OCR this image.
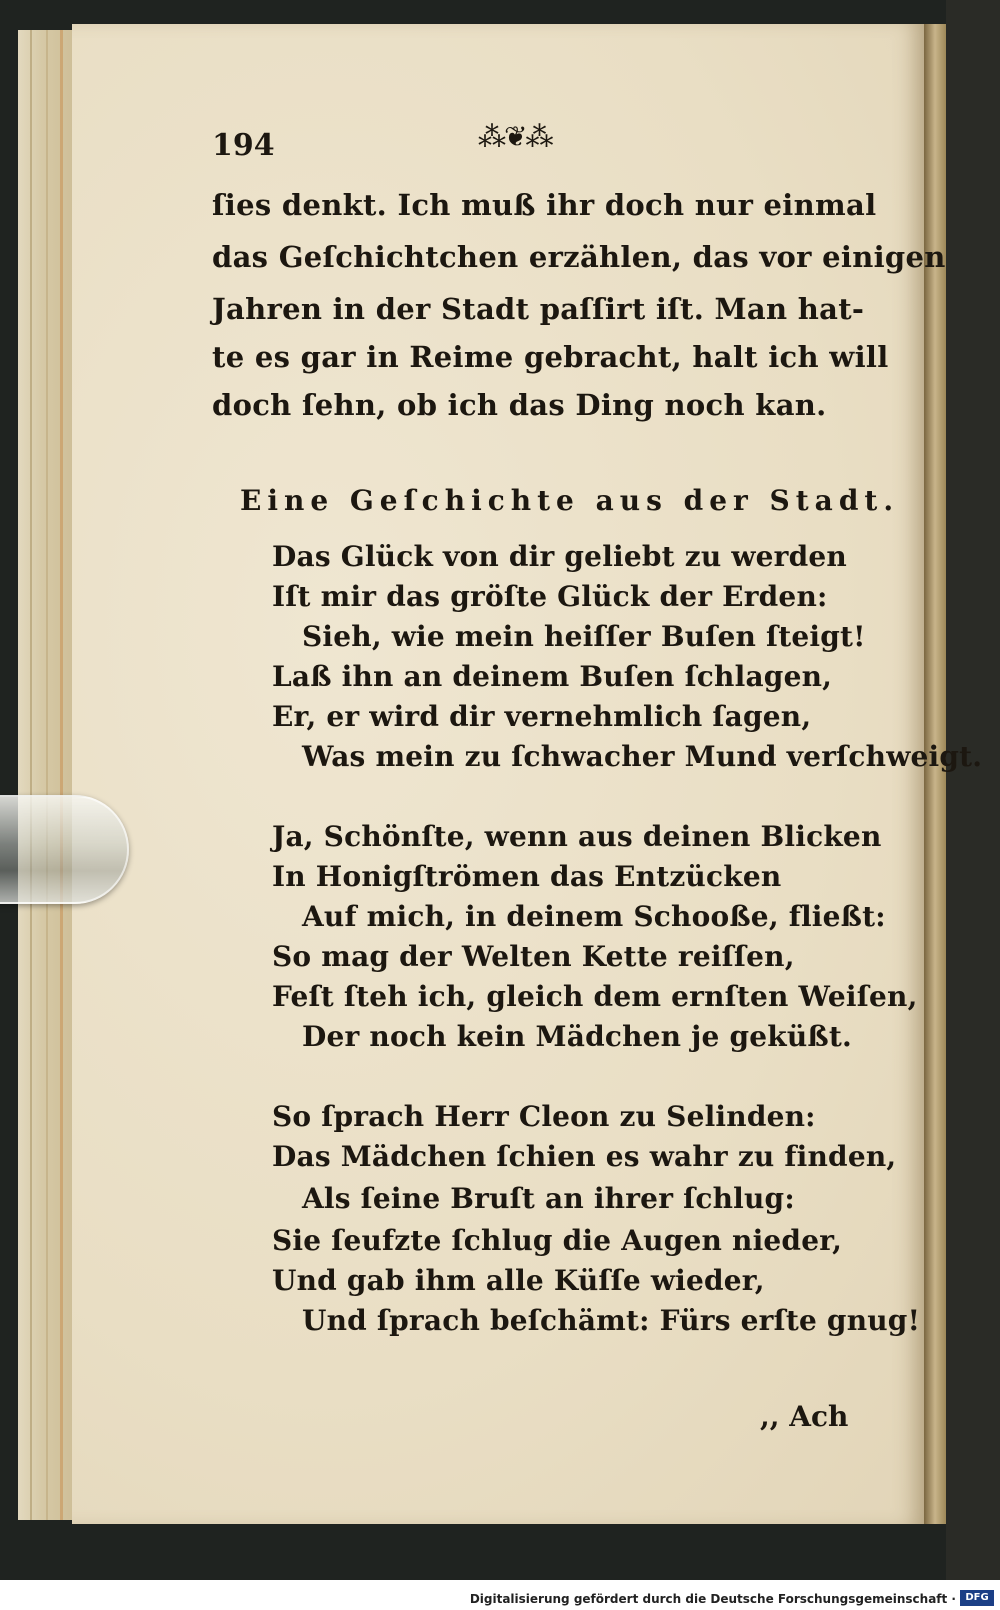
194	⁂❦⁂
ſies denkt. Ich muß ihr doch nur einmal
das Geſchichtchen erzählen, das vor einigen
Jahren in der Stadt paſſirt iſt. Man hat-
te es gar in Reime gebracht, halt ich will
doch ſehn, ob ich das Ding noch kan.
Eine Geſchichte aus der Stadt.
Das Glück von dir geliebt zu werden
Iſt mir das gröſte Glück der Erden:
Sieh, wie mein heiſſer Buſen ſteigt!
Laß ihn an deinem Buſen ſchlagen,
Er, er wird dir vernehmlich ſagen,
Was mein zu ſchwacher Mund verſchweigt.
Ja, Schönſte, wenn aus deinen Blicken
In Honigſtrömen das Entzücken
Auf mich, in deinem Schooße, fließt:
So mag der Welten Kette reiſſen,
Feſt ſteh ich, gleich dem ernſten Weiſen,
Der noch kein Mädchen je geküßt.
So ſprach Herr Cleon zu Selinden:
Das Mädchen ſchien es wahr zu finden,
Als ſeine Bruſt an ihrer ſchlug:
Sie ſeufzte ſchlug die Augen nieder,
Und gab ihm alle Küſſe wieder,
Und ſprach beſchämt: Fürs erſte gnug!
,, Ach
Digitalisierung gefördert durch die Deutsche Forschungsgemeinschaft · DFG
